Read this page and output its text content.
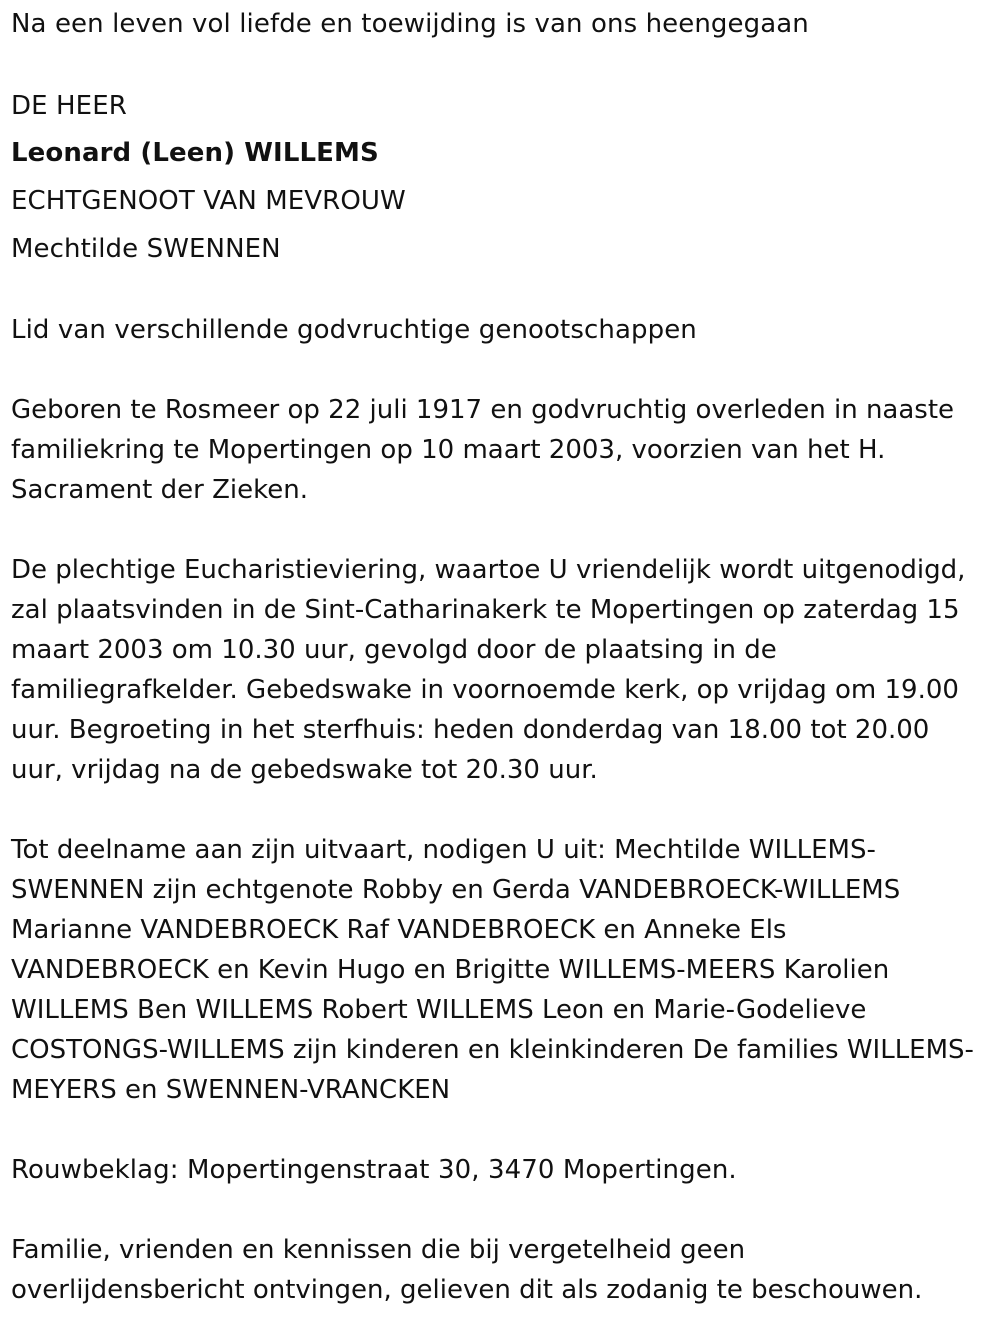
Na een leven vol liefde en toewijding is van ons heengegaan
DE HEER
Leonard (Leen) WILLEMS
ECHTGENOOT VAN MEVROUW
Mechtilde SWENNEN
Lid van verschillende godvruchtige genootschappen
Geboren te Rosmeer op 22 juli 1917 en godvruchtig overleden in naaste
familiekring te Mopertingen op 10 maart 2003, voorzien van het H.
Sacrament der Zieken.
De plechtige Eucharistieviering, waartoe U vriendelijk wordt uitgenodigd,
zal plaatsvinden in de Sint-Catharinakerk te Mopertingen op zaterdag 15
maart 2003 om 10.30 uur, gevolgd door de plaatsing in de
familiegrafkelder. Gebedswake in voornoemde kerk, op vrijdag om 19.00
uur. Begroeting in het sterfhuis: heden donderdag van 18.00 tot 20.00
uur, vrijdag na de gebedswake tot 20.30 uur.
Tot deelname aan zijn uitvaart, nodigen U uit: Mechtilde WILLEMS-
SWENNEN zijn echtgenote Robby en Gerda VANDEBROECK-WILLEMS
Marianne VANDEBROECK Raf VANDEBROECK en Anneke Els
VANDEBROECK en Kevin Hugo en Brigitte WILLEMS-MEERS Karolien
WILLEMS Ben WILLEMS Robert WILLEMS Leon en Marie-Godelieve
COSTONGS-WILLEMS zijn kinderen en kleinkinderen De families WILLEMS-
MEYERS en SWENNEN-VRANCKEN
Rouwbeklag: Mopertingenstraat 30, 3470 Mopertingen.
Familie, vrienden en kennissen die bij vergetelheid geen
overlijdensbericht ontvingen, gelieven dit als zodanig te beschouwen.
